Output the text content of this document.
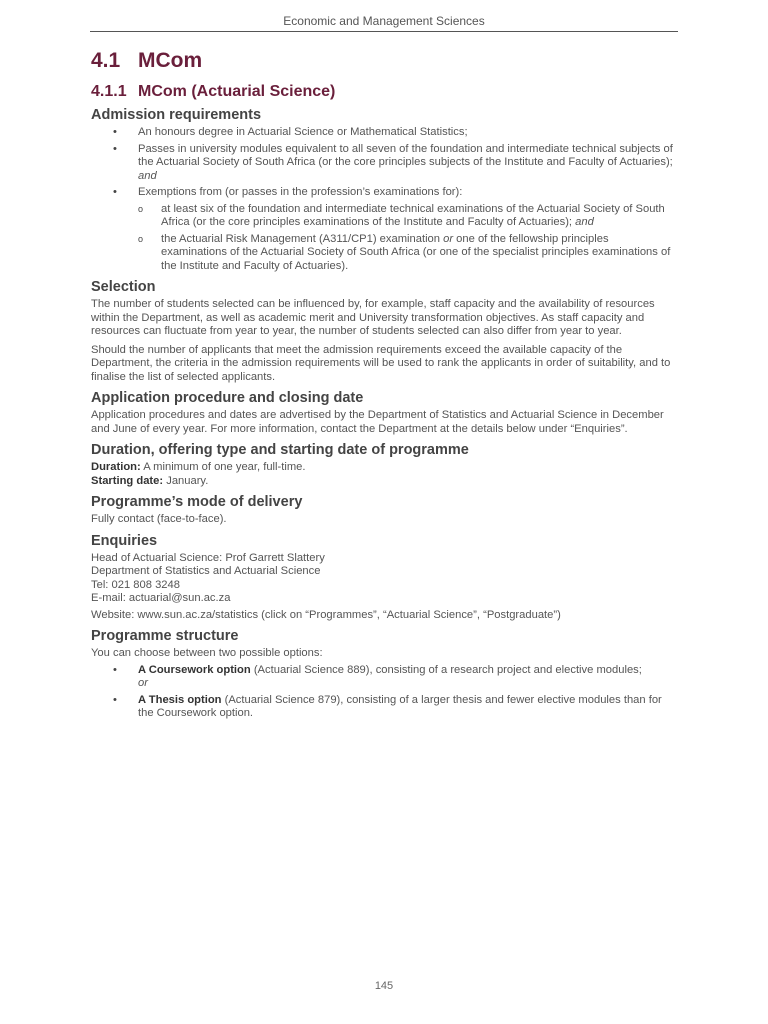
Economic and Management Sciences
4.1 MCom
4.1.1 MCom (Actuarial Science)
Admission requirements
• An honours degree in Actuarial Science or Mathematical Statistics;
• Passes in university modules equivalent to all seven of the foundation and intermediate technical subjects of the Actuarial Society of South Africa (or the core principles subjects of the Institute and Faculty of Actuaries); and
• Exemptions from (or passes in the profession’s examinations for):
o at least six of the foundation and intermediate technical examinations of the Actuarial Society of South Africa (or the core principles examinations of the Institute and Faculty of Actuaries); and
o the Actuarial Risk Management (A311/CP1) examination or one of the fellowship principles examinations of the Actuarial Society of South Africa (or one of the specialist principles examinations of the Institute and Faculty of Actuaries).
Selection

The number of students selected can be influenced by, for example, staff capacity and the availability of resources within the Department, as well as academic merit and University transformation objectives. As staff capacity and resources can fluctuate from year to year, the number of students selected can also differ from year to year.

Should the number of applicants that meet the admission requirements exceed the available capacity of the Department, the criteria in the admission requirements will be used to rank the applicants in order of suitability, and to finalise the list of selected applicants.

Application procedure and closing date

Application procedures and dates are advertised by the Department of Statistics and Actuarial Science in December and June of every year. For more information, contact the Department at the details below under “Enquiries”.

Duration, offering type and starting date of programme

Duration: A minimum of one year, full-time.

Starting date: January.

Programme’s mode of delivery

Fully contact (face-to-face).

Enquiries

Head of Actuarial Science: Prof Garrett Slattery

Department of Statistics and Actuarial Science

Tel: 021 808 3248

E-mail: actuarial@sun.ac.za

Website: www.sun.ac.za/statistics (click on “Programmes”, “Actuarial Science”, “Postgraduate”)

Programme structure

You can choose between two possible options:

• A Coursework option (Actuarial Science 889), consisting of a research project and elective modules;
or
• A Thesis option (Actuarial Science 879), consisting of a larger thesis and fewer elective modules than for the Coursework option.
145
